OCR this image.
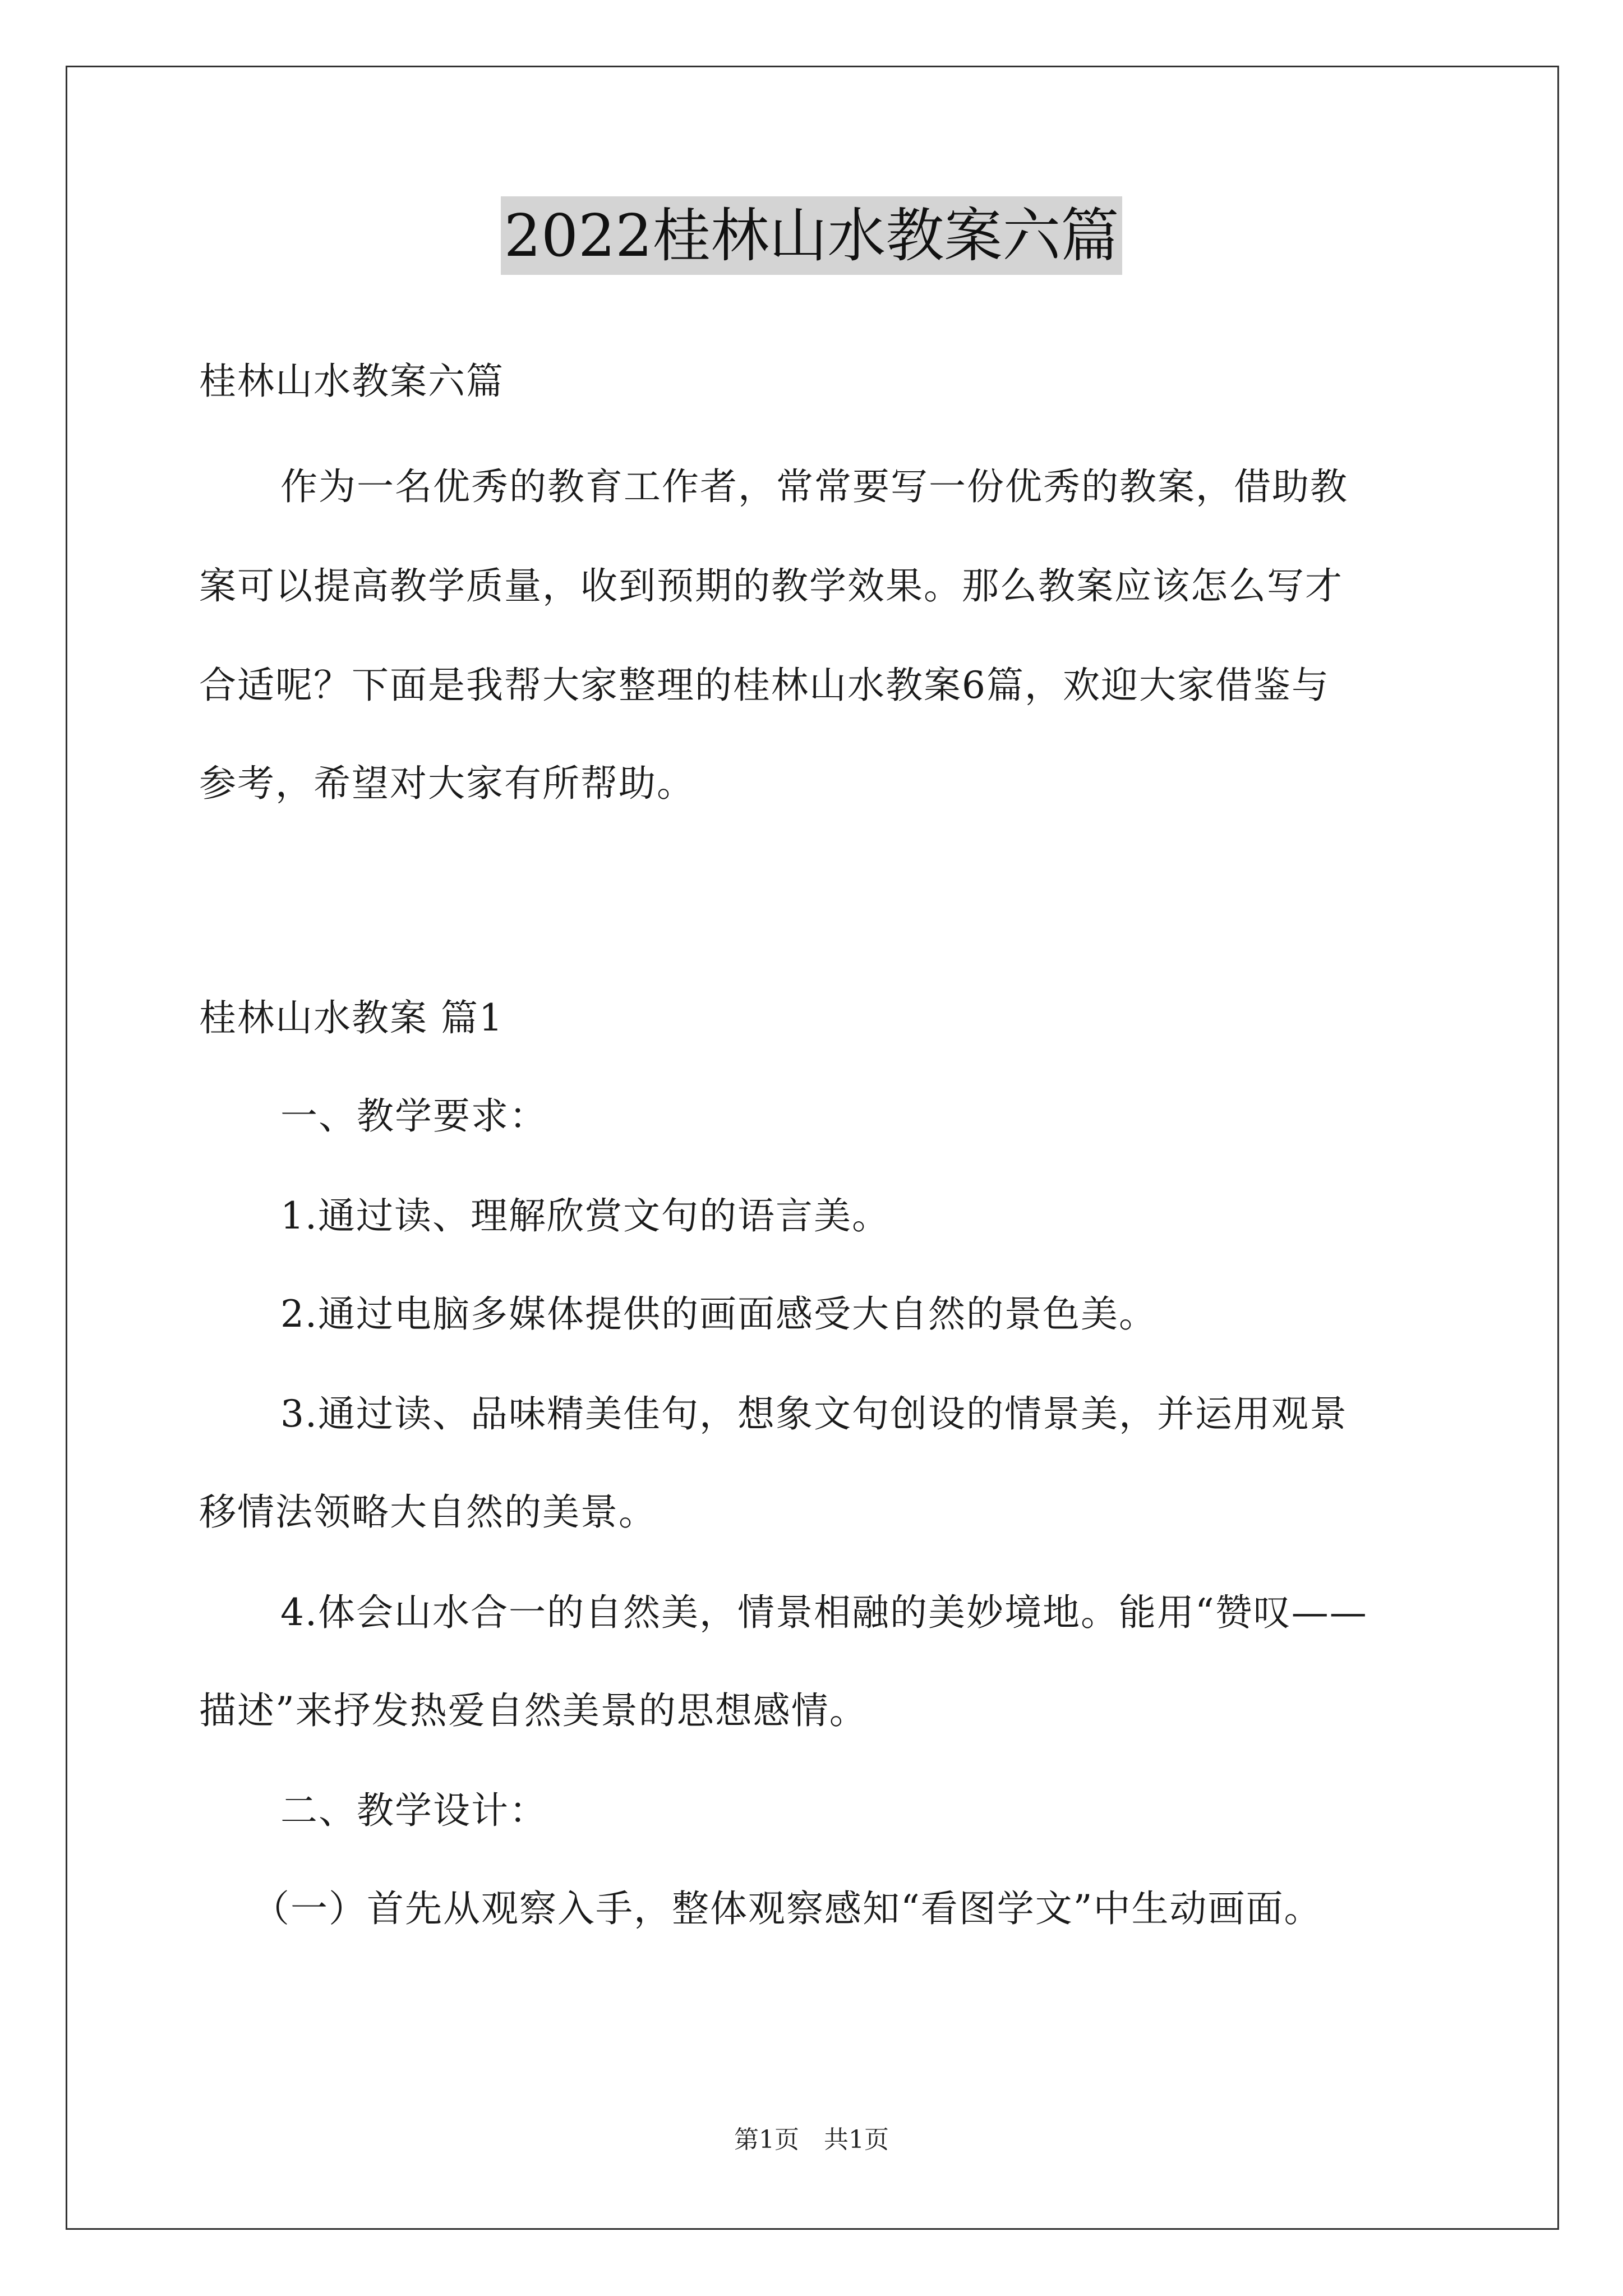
2022桂林山水教案六篇
桂林山水教案六篇
作为一名优秀的教育工作者，常常要写一份优秀的教案，借助教
案可以提高教学质量，收到预期的教学效果。那么教案应该怎么写才
合适呢？下面是我帮大家整理的桂林山水教案6篇，欢迎大家借鉴与
参考，希望对大家有所帮助。
桂林山水教案 篇1
一、教学要求：
1.通过读、理解欣赏文句的语言美。
2.通过电脑多媒体提供的画面感受大自然的景色美。
3.通过读、品味精美佳句，想象文句创设的情景美，并运用观景
移情法领略大自然的美景。
4.体会山水合一的自然美，情景相融的美妙境地。能用“赞叹——
描述”来抒发热爱自然美景的思想感情。
二、教学设计：
（一）首先从观察入手，整体观察感知“看图学文”中生动画面。
第1页 共1页
